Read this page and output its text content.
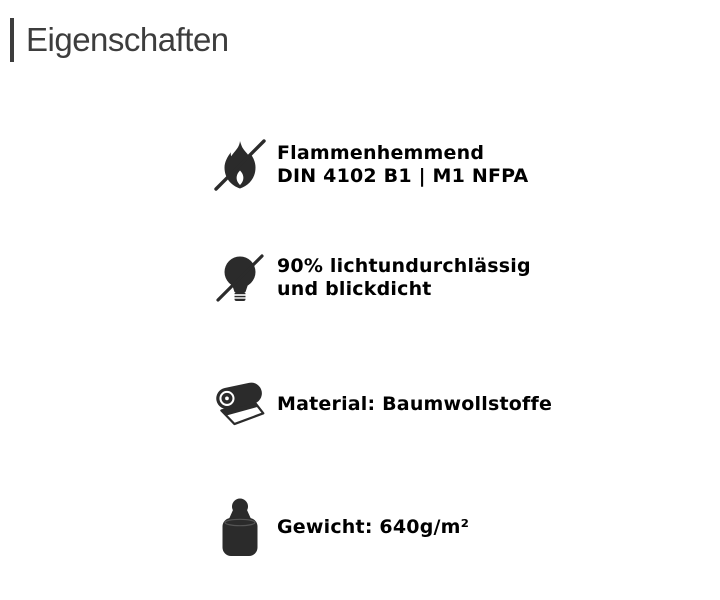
Eigenschaften
Flammenhemmend
DIN 4102 B1 | M1 NFPA
90% lichtundurchlässig
und blickdicht
Material: Baumwollstoffe
Gewicht: 640g/m²
